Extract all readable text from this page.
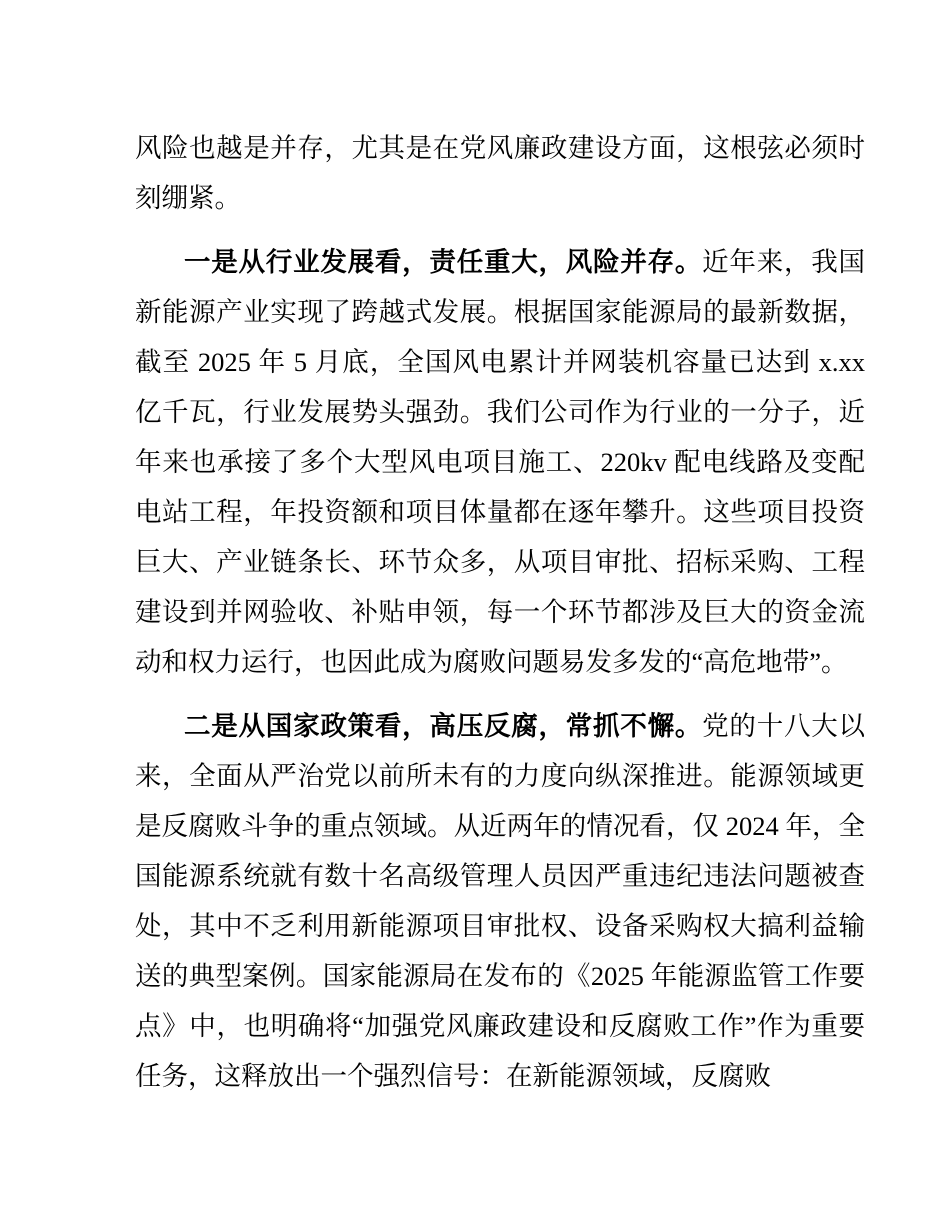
风险也越是并存，尤其是在党风廉政建设方面，这根弦必须时刻绷紧。

一是从行业发展看，责任重大，风险并存。近年来，我国新能源产业实现了跨越式发展。根据国家能源局的最新数据，截至 2025 年 5 月底，全国风电累计并网装机容量已达到 x.xx 亿千瓦，行业发展势头强劲。我们公司作为行业的一分子，近年来也承接了多个大型风电项目施工、220kv 配电线路及变配电站工程，年投资额和项目体量都在逐年攀升。这些项目投资巨大、产业链条长、环节众多，从项目审批、招标采购、工程建设到并网验收、补贴申领，每一个环节都涉及巨大的资金流动和权力运行，也因此成为腐败问题易发多发的“高危地带”。

二是从国家政策看，高压反腐，常抓不懈。党的十八大以来，全面从严治党以前所未有的力度向纵深推进。能源领域更是反腐败斗争的重点领域。从近两年的情况看，仅 2024 年，全国能源系统就有数十名高级管理人员因严重违纪违法问题被查处，其中不乏利用新能源项目审批权、设备采购权大搞利益输送的典型案例。国家能源局在发布的《2025 年能源监管工作要点》中，也明确将“加强党风廉政建设和反腐败工作”作为重要任务，这释放出一个强烈信号：在新能源领域，反腐败
